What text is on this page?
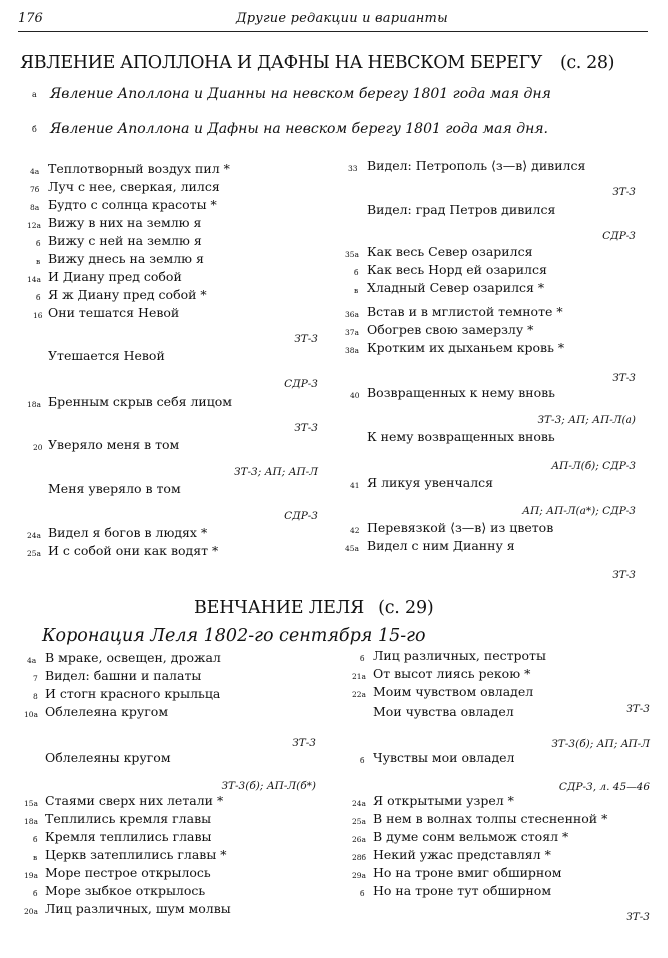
176	Другие редакции и варианты
ЯВЛЕНИЕ АПОЛЛОНА И ДАФНЫ НА НЕВСКОМ БЕРЕГУ (с. 28)
а Явление Аполлона и Дианны на невском берегу 1801 года мая дня
б Явление Аполлона и Дафны на невском берегу 1801 года мая дня.
4а Теплотворный воздух пил *
7б Луч с нее, сверкая, лился
8а Будто с солнца красоты *
12а Вижу в них на землю я
б Вижу с ней на землю я
в Вижу днесь на землю я
14а И Диану пред собой
б Я ж Диану пред собой *
16 Они тешатся Невой
ЗТ-3
Утешается Невой
СДР-3
18а Бренным скрыв себя лицом
ЗТ-3
20 Уверяло меня в том
ЗТ-3; АП; АП-Л
Меня уверяло в том
СДР-3
24а Видел я богов в людях *
25а И с собой они как водят *
33 Видел: Петрополь ⟨з—в⟩ дивился
ЗТ-3
Видел: град Петров дивился
СДР-3
35а Как весь Север озарился
б Как весь Норд ей озарился
в Хладный Север озарился *
36а Встав и в мглистой темноте *
37а Обогрев свою замерзлу *
38а Кротким их дыханьем кровь *
ЗТ-3
40 Возвращенных к нему вновь
ЗТ-3; АП; АП-Л(а)
К нему возвращенных вновь
АП-Л(б); СДР-3
41 Я ликуя увенчался
АП; АП-Л(а*); СДР-3
42 Перевязкой ⟨з—в⟩ из цветов
45а Видел с ним Дианну я
ЗТ-3
ВЕНЧАНИЕ ЛЕЛЯ (с. 29)
Коронация Леля 1802-го сентября 15-го
4а В мраке, освещен, дрожал
7 Видел: башни и палаты
8 И стогн красного крыльца
10а Облелеяна кругом
ЗТ-3
Облелеяны кругом
ЗТ-3(б); АП-Л(б*)
15а Стаями сверх них летали *
18а Теплились кремля главы
б Кремля теплились главы
в Церкв затеплились главы *
19а Море пестрое открылось
б Море зыбкое открылось
20а Лиц различных, шум молвы
б Лиц различных, пестроты
21а От высот лиясь рекою *
22а Моим чувством овладел
ЗТ-3
Мои чувства овладел
ЗТ-3(б); АП; АП-Л
б Чувствы мои овладел
СДР-3, л. 45—46
24а Я открытыми узрел *
25а В нем в волнах толпы стесненной *
26а В думе сонм вельмож стоял *
28б Некий ужас представлял *
29а Но на троне вмиг обширном
б Но на троне тут обширном
ЗТ-3
